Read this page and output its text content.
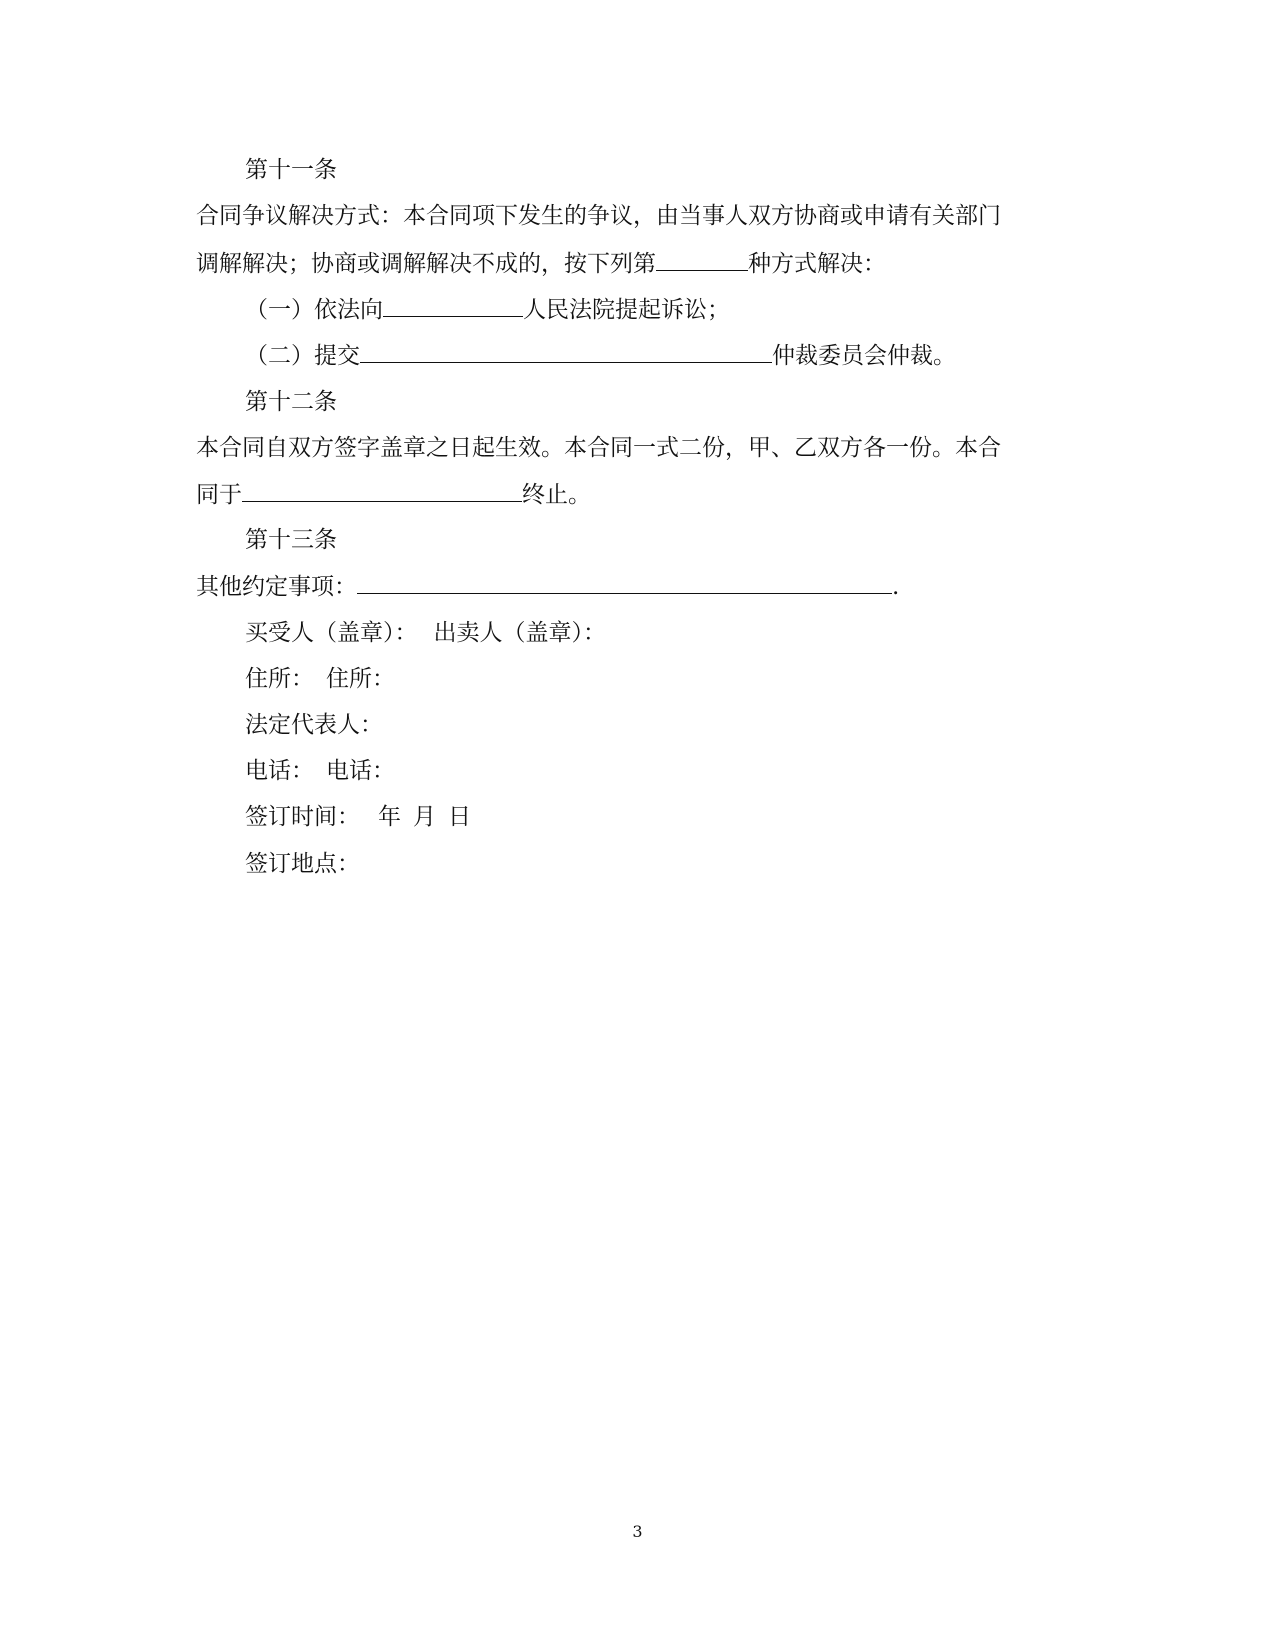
第十一条
合同争议解决方式：本合同项下发生的争议，由当事人双方协商或申请有关部门
调解解决；协商或调解解决不成的，按下列第	种方式解决：
（一）依法向	人民法院提起诉讼；
（二）提交	仲裁委员会仲裁。
第十二条
本合同自双方签字盖章之日起生效。本合同一式二份，甲、乙双方各一份。本合
同于	终止。
第十三条
其他约定事项：	.
买受人（盖章）： 出卖人（盖章）：
住所： 住所：
法定代表人：
电话： 电话：
签订时间： 年 月 日
签订地点：
3
